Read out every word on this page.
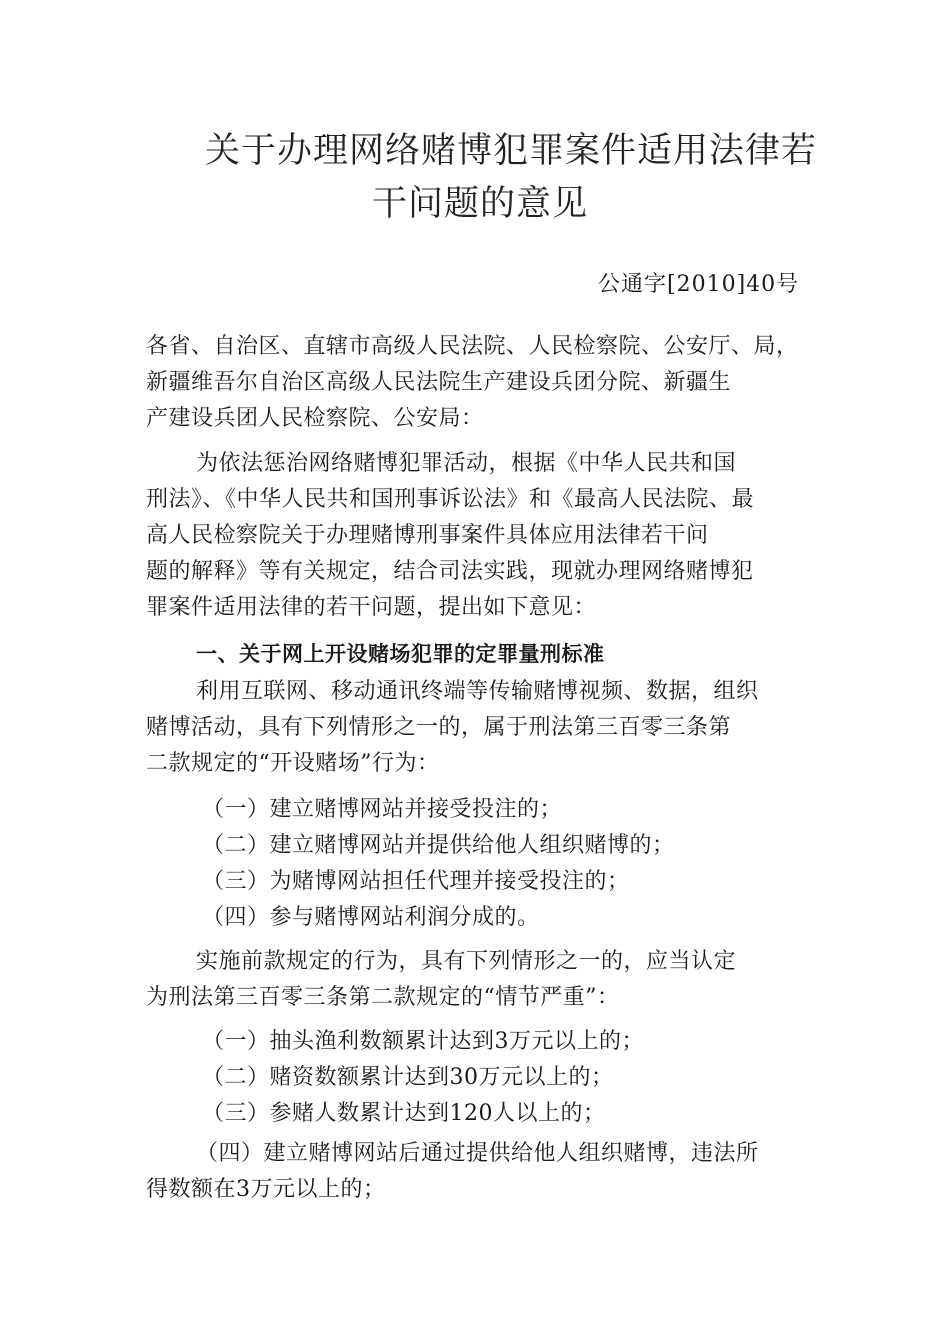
关于办理网络赌博犯罪案件适用法律若
干问题的意见
公通字[2010]40号
各省、自治区、直辖市高级人民法院、人民检察院、公安厅、局，
新疆维吾尔自治区高级人民法院生产建设兵团分院、新疆生
产建设兵团人民检察院、公安局：
为依法惩治网络赌博犯罪活动，根据《中华人民共和国
刑法》、《中华人民共和国刑事诉讼法》和《最高人民法院、最
高人民检察院关于办理赌博刑事案件具体应用法律若干问
题的解释》等有关规定，结合司法实践，现就办理网络赌博犯
罪案件适用法律的若干问题，提出如下意见：
一、关于网上开设赌场犯罪的定罪量刑标准
利用互联网、移动通讯终端等传输赌博视频、数据，组织
赌博活动，具有下列情形之一的，属于刑法第三百零三条第
二款规定的“开设赌场”行为：
（一）建立赌博网站并接受投注的；
（二）建立赌博网站并提供给他人组织赌博的；
（三）为赌博网站担任代理并接受投注的；
（四）参与赌博网站利润分成的。
实施前款规定的行为，具有下列情形之一的，应当认定
为刑法第三百零三条第二款规定的“情节严重”：
（一）抽头渔利数额累计达到3万元以上的；
（二）赌资数额累计达到30万元以上的；
（三）参赌人数累计达到120人以上的；
（四）建立赌博网站后通过提供给他人组织赌博，违法所
得数额在3万元以上的；
